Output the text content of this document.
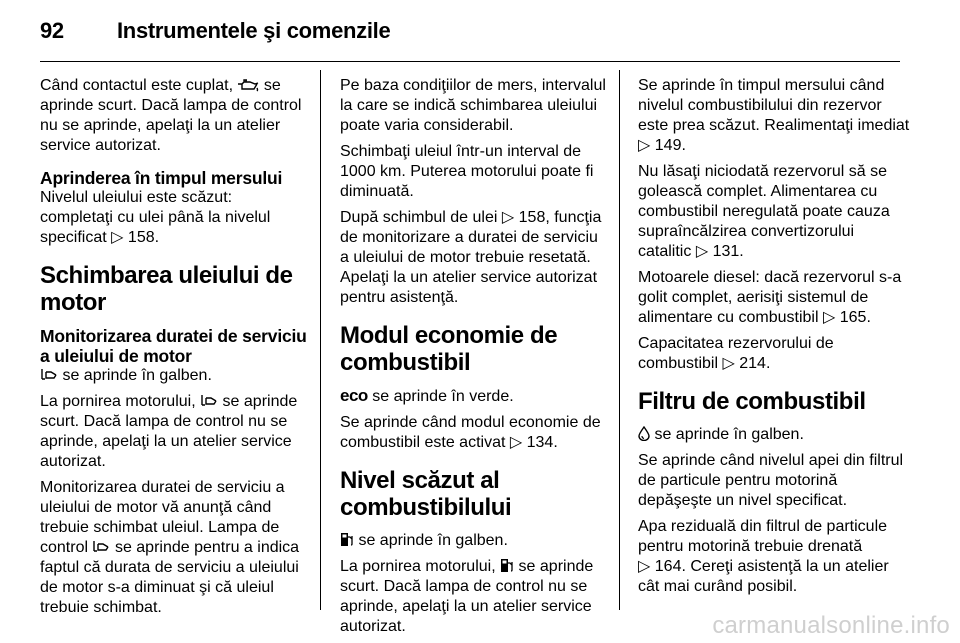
92 Instrumentele şi comenzile

Când contactul este cuplat, se aprinde scurt. Dacă lampa de control nu se aprinde, apelaţi la un atelier service autorizat.

Aprinderea în timpul mersului

Nivelul uleiului este scăzut:
completaţi cu ulei până la nivelul specificat ▷ 158.

Schimbarea uleiului de motor
Monitorizarea duratei de serviciu a uleiului de motor

se aprinde în galben.

La pornirea motorului, se aprinde scurt. Dacă lampa de control nu se aprinde, apelaţi la un atelier service autorizat.

Monitorizarea duratei de serviciu a uleiului de motor vă anunţă când trebuie schimbat uleiul. Lampa de control se aprinde pentru a indica faptul că durata de serviciu a uleiului de motor s-a diminuat şi că uleiul trebuie schimbat.

Pe baza condiţiilor de mers, intervalul la care se indică schimbarea uleiului poate varia considerabil.

Schimbaţi uleiul într-un interval de 1000 km. Puterea motorului poate fi diminuată.

După schimbul de ulei ▷ 158, funcţia de monitorizare a duratei de serviciu a uleiului de motor trebuie resetată. Apelaţi la un atelier service autorizat pentru asistenţă.

Modul economie de combustibil

eco se aprinde în verde.

Se aprinde când modul economie de combustibil este activat ▷ 134.

Nivel scăzut al combustibilului

se aprinde în galben.

La pornirea motorului, se aprinde scurt. Dacă lampa de control nu se aprinde, apelaţi la un atelier service autorizat.

Se aprinde în timpul mersului când nivelul combustibilului din rezervor este prea scăzut. Realimentaţi imediat ▷ 149.

Nu lăsaţi niciodată rezervorul să se golească complet. Alimentarea cu combustibil neregulată poate cauza supraîncălzirea convertizorului catalitic ▷ 131.

Motoarele diesel: dacă rezervorul s-a golit complet, aerisiţi sistemul de alimentare cu combustibil ▷ 165.

Capacitatea rezervorului de combustibil ▷ 214.

Filtru de combustibil

se aprinde în galben.

Se aprinde când nivelul apei din filtrul de particule pentru motorină depăşeşte un nivel specificat.

Apa reziduală din filtrul de particule pentru motorină trebuie drenată
▷ 164. Cereţi asistenţă la un atelier cât mai curând posibil.

carmanualsonline.info
